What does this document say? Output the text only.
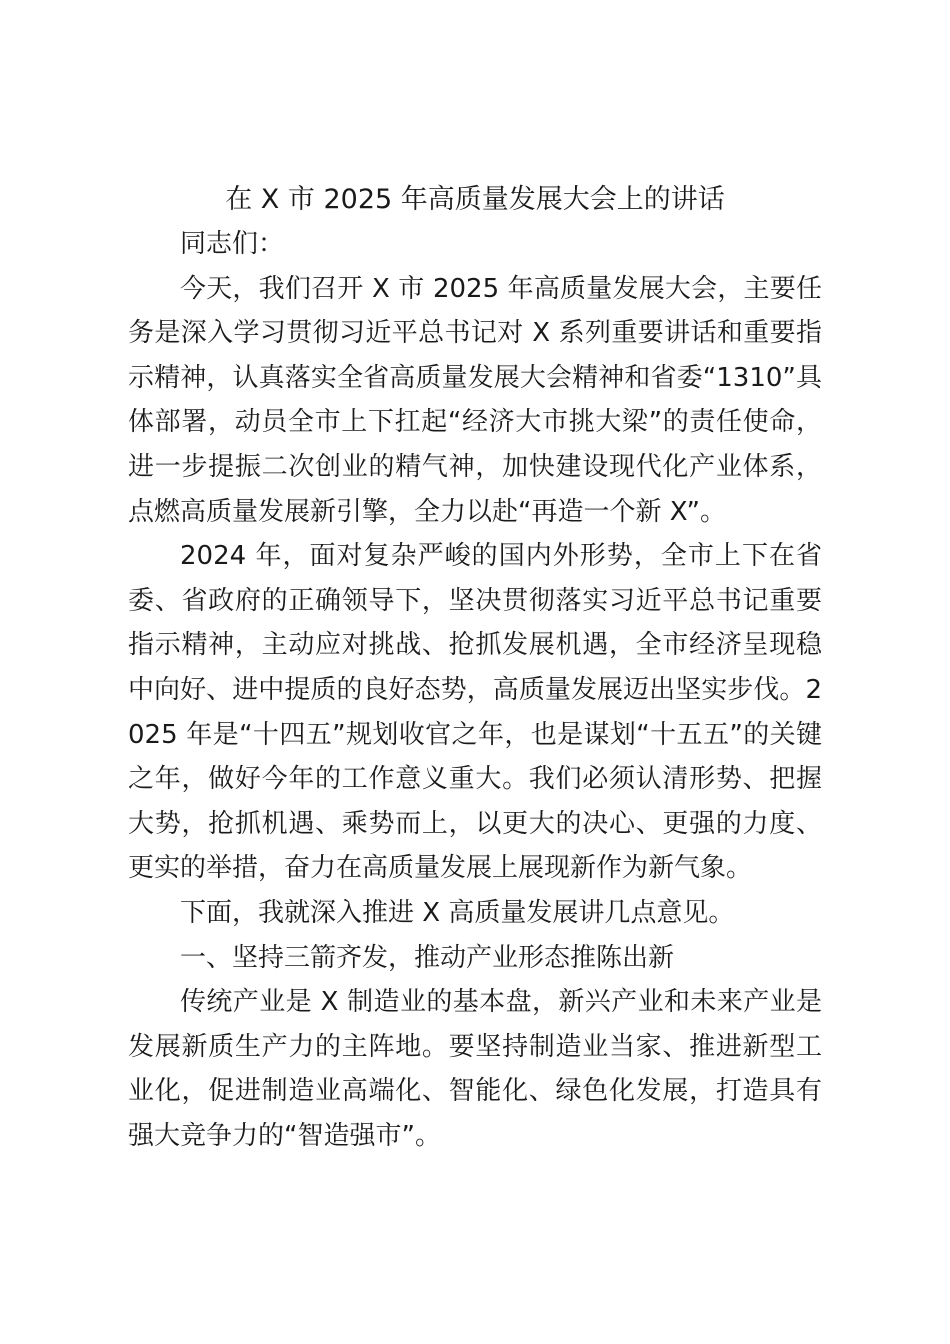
在 X 市 2025 年高质量发展大会上的讲话

同志们：

今天，我们召开 X 市 2025 年高质量发展大会，主要任务是深入学习贯彻习近平总书记对 X 系列重要讲话和重要指示精神，认真落实全省高质量发展大会精神和省委“1310”具体部署，动员全市上下扛起“经济大市挑大梁”的责任使命，进一步提振二次创业的精气神，加快建设现代化产业体系，点燃高质量发展新引擎，全力以赴“再造一个新 X”。

2024 年，面对复杂严峻的国内外形势，全市上下在省委、省政府的正确领导下，坚决贯彻落实习近平总书记重要指示精神，主动应对挑战、抢抓发展机遇，全市经济呈现稳中向好、进中提质的良好态势，高质量发展迈出坚实步伐。2025 年是“十四五”规划收官之年，也是谋划“十五五”的关键之年，做好今年的工作意义重大。我们必须认清形势、把握大势，抢抓机遇、乘势而上，以更大的决心、更强的力度、更实的举措，奋力在高质量发展上展现新作为新气象。

下面，我就深入推进 X 高质量发展讲几点意见。

一、坚持三箭齐发，推动产业形态推陈出新

传统产业是 X 制造业的基本盘，新兴产业和未来产业是发展新质生产力的主阵地。要坚持制造业当家、推进新型工业化，促进制造业高端化、智能化、绿色化发展，打造具有强大竞争力的“智造强市”。
